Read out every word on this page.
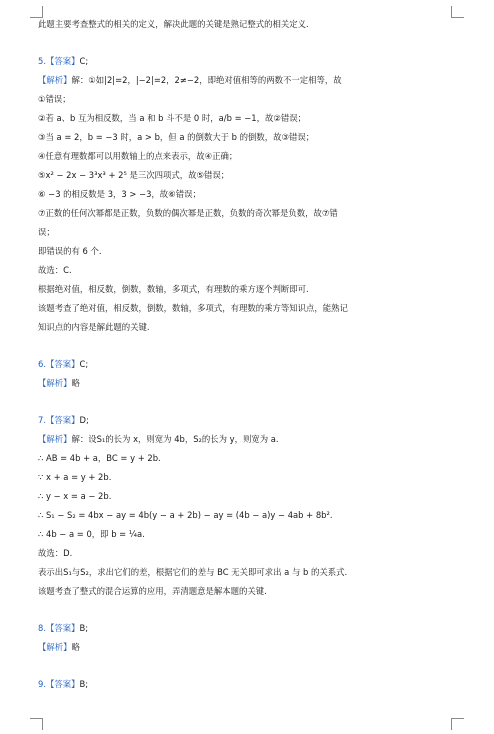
此题主要考查整式的相关的定义，解决此题的关键是熟记整式的相关定义.

5.【答案】C;

【解析】解：①如|2|=2，|−2|=2，2≠−2，即绝对值相等的两数不一定相等，故

①错误；

②若 a、b 互为相反数，当 a 和 b 斗不是 0 时，a/b = −1，故②错误；

③当 a = 2，b = −3 时，a > b，但 a 的倒数大于 b 的倒数，故③错误；

④任意有理数都可以用数轴上的点来表示，故④正确；

⑤x² − 2x − 3³x³ + 2⁵ 是三次四项式，故⑤错误；

⑥ −3 的相反数是 3，3 > −3，故⑥错误；

⑦正数的任何次幂都是正数，负数的偶次幂是正数，负数的奇次幂是负数，故⑦错

误；

即错误的有 6 个.

故选：C.

根据绝对值，相反数，倒数，数轴，多项式，有理数的乘方逐个判断即可.

该题考查了绝对值，相反数，倒数，数轴，多项式，有理数的乘方等知识点，能熟记

知识点的内容是解此题的关键.

6.【答案】C;

【解析】略

7.【答案】D;

【解析】解：设S₁的长为 x，则宽为 4b，S₂的长为 y，则宽为 a.

∴ AB = 4b + a，BC = y + 2b.

∵ x + a = y + 2b.

∴ y − x = a − 2b.

∴ S₁ − S₂ = 4bx − ay = 4b(y − a + 2b) − ay = (4b − a)y − 4ab + 8b².

∴ 4b − a = 0，即 b = ¼a.

故选：D.

表示出S₁与S₂，求出它们的差，根据它们的差与 BC 无关即可求出 a 与 b 的关系式.

该题考查了整式的混合运算的应用，弄清题意是解本题的关键.

8.【答案】B;

【解析】略

9.【答案】B;
